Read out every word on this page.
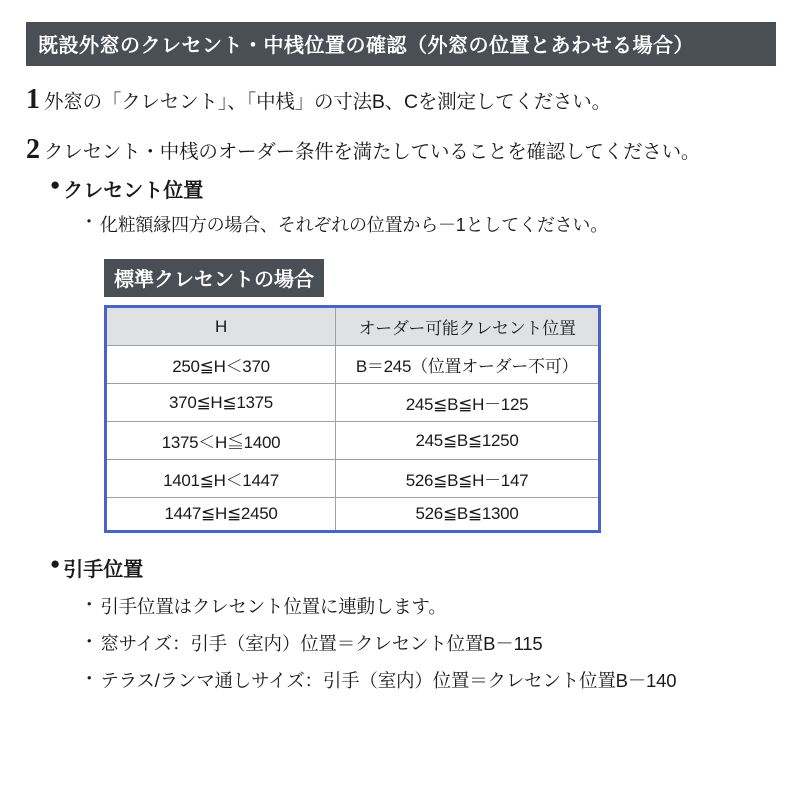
既設外窓のクレセント・中桟位置の確認（外窓の位置とあわせる場合）
1 外窓の「クレセント」、「中桟」の寸法B、Cを測定してください。
2 クレセント・中桟のオーダー条件を満たしていることを確認してください。
● クレセント位置
・ 化粧額縁四方の場合、それぞれの位置から－1としてください。
標準クレセントの場合
H	オーダー可能クレセント位置
250≦H＜370	B＝245（位置オーダー不可）
370≦H≦1375	245≦B≦H－125
1375＜H≦1400	245≦B≦1250
1401≦H＜1447	526≦B≦H－147
1447≦H≦2450	526≦B≦1300
● 引手位置
・ 引手位置はクレセント位置に連動します。
・ 窓サイズ：引手（室内）位置＝クレセント位置B－115
・ テラス/ランマ通しサイズ：引手（室内）位置＝クレセント位置B－140
